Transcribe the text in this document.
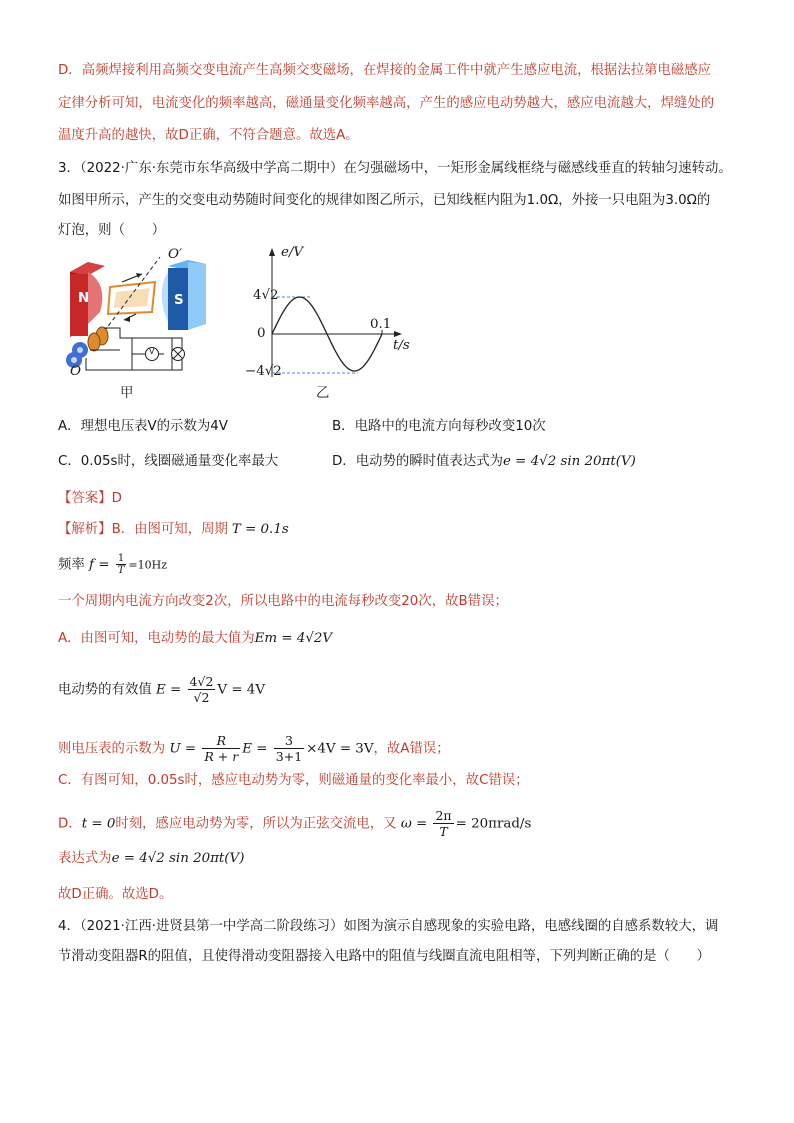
D．高频焊接利用高频交变电流产生高频交变磁场，在焊接的金属工件中就产生感应电流，根据法拉第电磁感应
定律分析可知，电流变化的频率越高，磁通量变化频率越高，产生的感应电动势越大，感应电流越大，焊缝处的
温度升高的越快，故D正确，不符合题意。故选A。
3．（2022·广东·东莞市东华高级中学高二期中）在匀强磁场中，一矩形金属线框绕与磁感线垂直的转轴匀速转动。
如图甲所示，产生的交变电动势随时间变化的规律如图乙所示，已知线框内阻为1.0Ω，外接一只电阻为3.0Ω的
灯泡，则（　　）
N	S
O′
O
V
甲
e/V
4√2
0
−4√2
0.1
t/s
乙
A．理想电压表V的示数为4V	B．电路中的电流方向每秒改变10次
C．0.05s时，线圈磁通量变化率最大	D．电动势的瞬时值表达式为e = 4√2 sin 20πt(V)
【答案】D
【解析】B．由图可知，周期 T = 0.1s
频率 $f = \frac{1}{T} =10Hz$
一个周期内电流方向改变2次，所以电路中的电流每秒改变20次，故B错误；
A．由图可知，电动势的最大值为Em = 4√2V
电动势的有效值 $E = \frac{4√2}{√2}$ V = 4V
则电压表的示数为 $U = \frac{R}{R + r}$ $E = \frac{3}{3+1} \times 4V = 3V$，故A错误；
C．有图可知，0.05s时，感应电动势为零，则磁通量的变化率最小，故C错误；
D．t = 0时刻，感应电动势为零，所以为正弦交流电，又 $\omega = \frac{2\pi}{T} = 20\pi rad/s$
表达式为e = 4√2 sin 20πt(V)
故D正确。故选D。
4．（2021·江西·进贤县第一中学高二阶段练习）如图为演示自感现象的实验电路，电感线圈的自感系数较大，调
节滑动变阻器R的阻值，且使得滑动变阻器接入电路中的阻值与线圈直流电阻相等，下列判断正确的是（　　）
